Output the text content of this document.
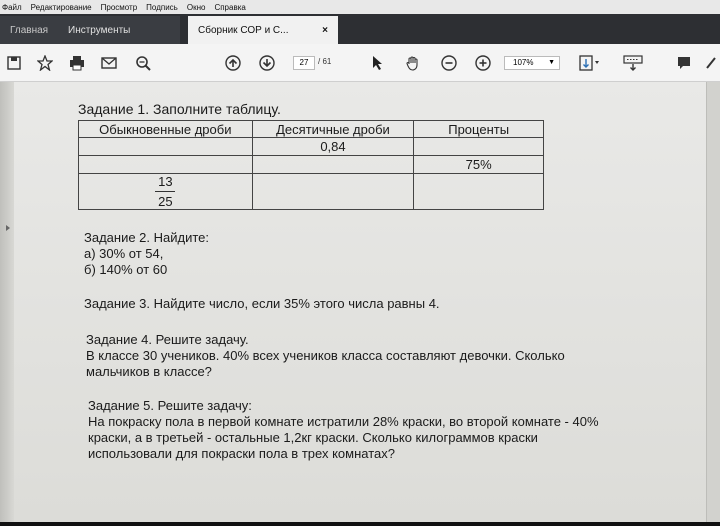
Файл Редактирование Просмотр Подпись Окно Справка
Главная	Инструменты	Сборник СОР и С...	×
27	/ 61	107% ▼
Задание 1. Заполните таблицу.
Обыкновенные дроби	Десятичные дроби	Проценты
	0,84	
		75%

$\frac{13}{25}$

Задание 2. Найдите:
а) 30% от 54,
б) 140% от 60
Задание 3. Найдите число, если 35% этого числа равны 4.
Задание 4. Решите задачу.
В классе 30 учеников. 40% всех учеников класса составляют девочки. Сколько
мальчиков в классе?
Задание 5. Решите задачу:
На покраску пола в первой комнате истратили 28% краски, во второй комнате - 40%
краски, а в третьей - остальные 1,2кг краски. Сколько килограммов краски
использовали для покраски пола в трех комнатах?
